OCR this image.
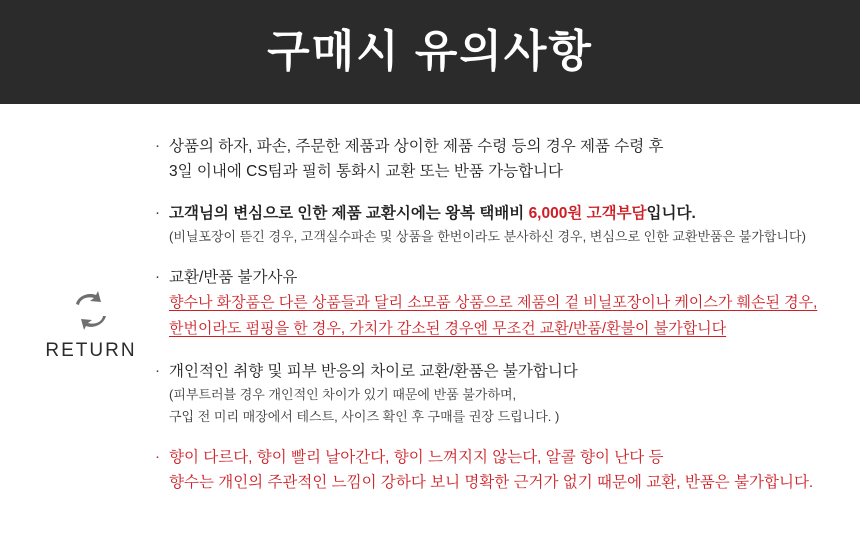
구매시 유의사항
RETURN
· 상품의 하자, 파손, 주문한 제품과 상이한 제품 수령 등의 경우 제품 수령 후
3일 이내에 CS팀과 필히 통화시 교환 또는 반품 가능합니다
· 고객님의 변심으로 인한 제품 교환시에는 왕복 택배비 6,000원 고객부담입니다.
(비닐포장이 뜯긴 경우, 고객실수파손 및 상품을 한번이라도 분사하신 경우, 변심으로 인한 교환반품은 불가합니다)
· 교환/반품 불가사유
향수나 화장품은 다른 상품들과 달리 소모품 상품으로 제품의 겉 비닐포장이나 케이스가 훼손된 경우,
한번이라도 펌핑을 한 경우, 가치가 감소된 경우엔 무조건 교환/반품/환불이 불가합니다
· 개인적인 취향 및 피부 반응의 차이로 교환/환품은 불가합니다
(피부트러블 경우 개인적인 차이가 있기 때문에 반품 불가하며,
구입 전 미리 매장에서 테스트, 사이즈 확인 후 구매를 권장 드립니다. )
· 향이 다르다, 향이 빨리 날아간다, 향이 느껴지지 않는다, 알콜 향이 난다 등
향수는 개인의 주관적인 느낌이 강하다 보니 명확한 근거가 없기 때문에 교환, 반품은 불가합니다.
